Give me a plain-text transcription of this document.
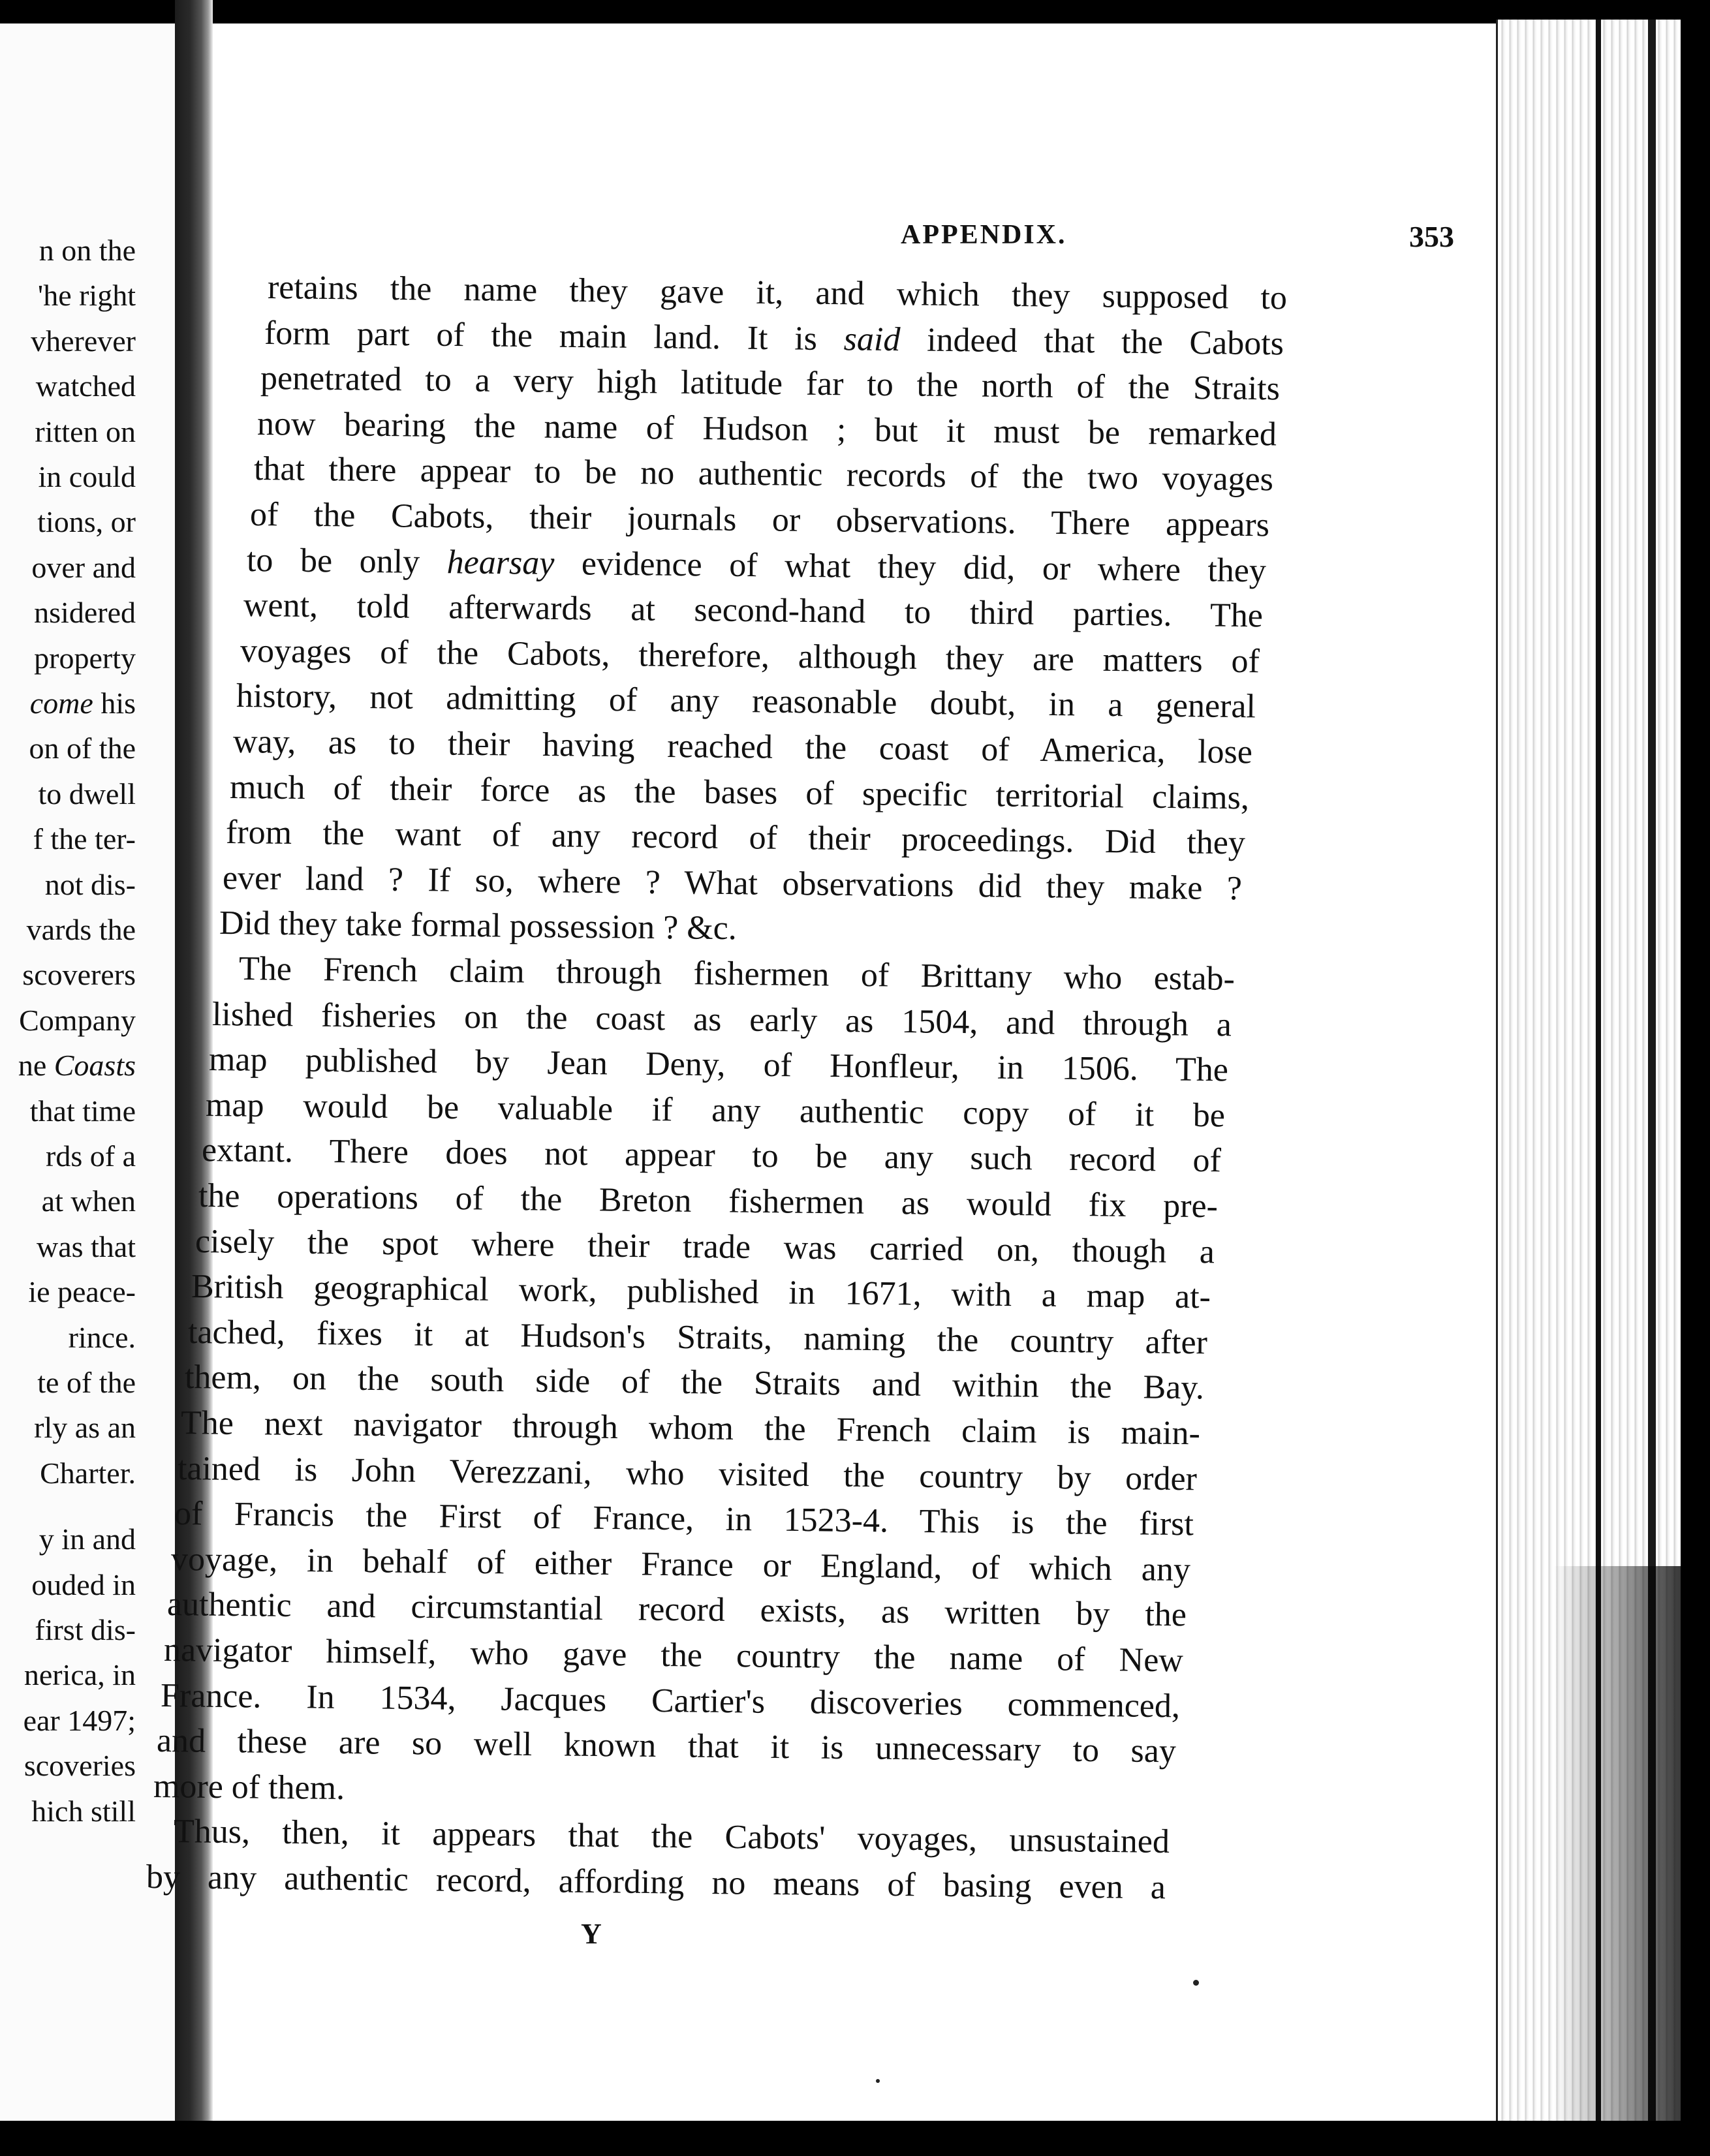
n on the
'he right
vherever
watched
ritten on
in could
tions, or
over and
nsidered
property
come his
on of the
to dwell
f the ter-
not dis-
vards the
scoverers
Company
ne Coasts
that time
rds of a
at when
was that
ie peace-
rince.
te of the
rly as an
Charter.
y in and
ouded in
first dis-
nerica, in
ear 1497;
scoveries
hich still
APPENDIX.	353
Y
retains the name they gave it, and which they supposed to
form part of the main land. It is said indeed that the Cabots
penetrated to a very high latitude far to the north of the Straits
now bearing the name of Hudson ; but it must be remarked
that there appear to be no authentic records of the two voyages
of the Cabots, their journals or observations. There appears
to be only hearsay evidence of what they did, or where they
went, told afterwards at second-hand to third parties. The
voyages of the Cabots, therefore, although they are matters of
history, not admitting of any reasonable doubt, in a general
way, as to their having reached the coast of America, lose
much of their force as the bases of specific territorial claims,
from the want of any record of their proceedings. Did they
ever land ? If so, where ? What observations did they make ?
Did they take formal possession ? &c.
The French claim through fishermen of Brittany who estab-
lished fisheries on the coast as early as 1504, and through a
map published by Jean Deny, of Honfleur, in 1506. The
map would be valuable if any authentic copy of it be
extant. There does not appear to be any such record of
the operations of the Breton fishermen as would fix pre-
cisely the spot where their trade was carried on, though a
British geographical work, published in 1671, with a map at-
tached, fixes it at Hudson's Straits, naming the country after
them, on the south side of the Straits and within the Bay.
The next navigator through whom the French claim is main-
tained is John Verezzani, who visited the country by order
of Francis the First of France, in 1523-4. This is the first
voyage, in behalf of either France or England, of which any
authentic and circumstantial record exists, as written by the
navigator himself, who gave the country the name of New
France. In 1534, Jacques Cartier's discoveries commenced,
and these are so well known that it is unnecessary to say
more of them.
Thus, then, it appears that the Cabots' voyages, unsustained
by any authentic record, affording no means of basing even a
